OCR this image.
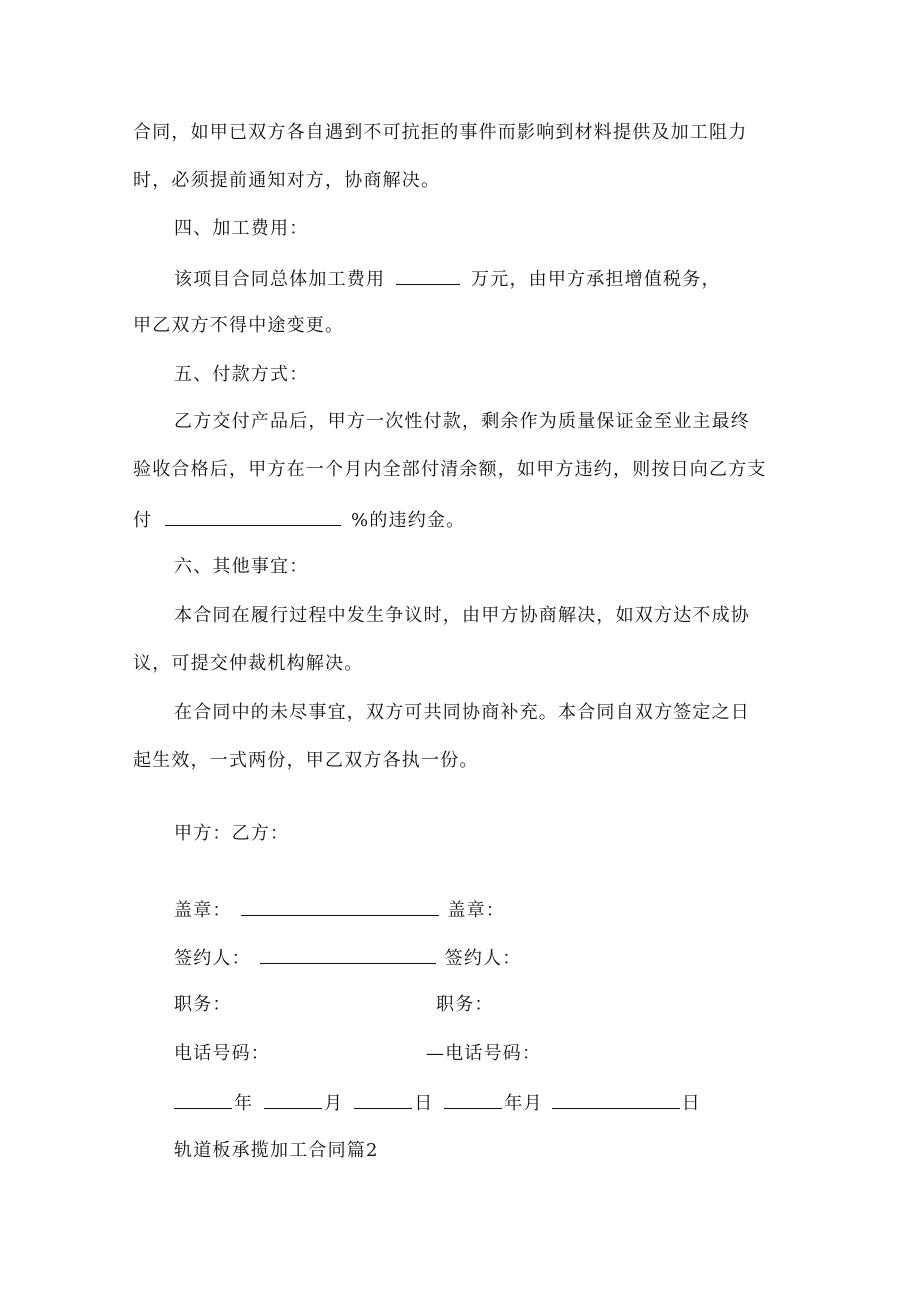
合同，如甲已双方各自遇到不可抗拒的事件而影响到材料提供及加工阻力
时，必须提前通知对方，协商解决。
四、加工费用：
该项目合同总体加工费用	万元，由甲方承担增值税务，
甲乙双方不得中途变更。
五、付款方式：
乙方交付产品后，甲方一次性付款，剩余作为质量保证金至业主最终
验收合格后，甲方在一个月内全部付清余额，如甲方违约，则按日向乙方支
付	%的违约金。
六、其他事宜：
本合同在履行过程中发生争议时，由甲方协商解决，如双方达不成协
议，可提交仲裁机构解决。
在合同中的未尽事宜，双方可共同协商补充。本合同自双方签定之日
起生效，一式两份，甲乙双方各执一份。
甲方：乙方：
盖章：	盖章：
签约人：	签约人：
职务：	职务：
电话号码：	—电话号码：
年	月	日	年月	日
轨道板承揽加工合同篇2
